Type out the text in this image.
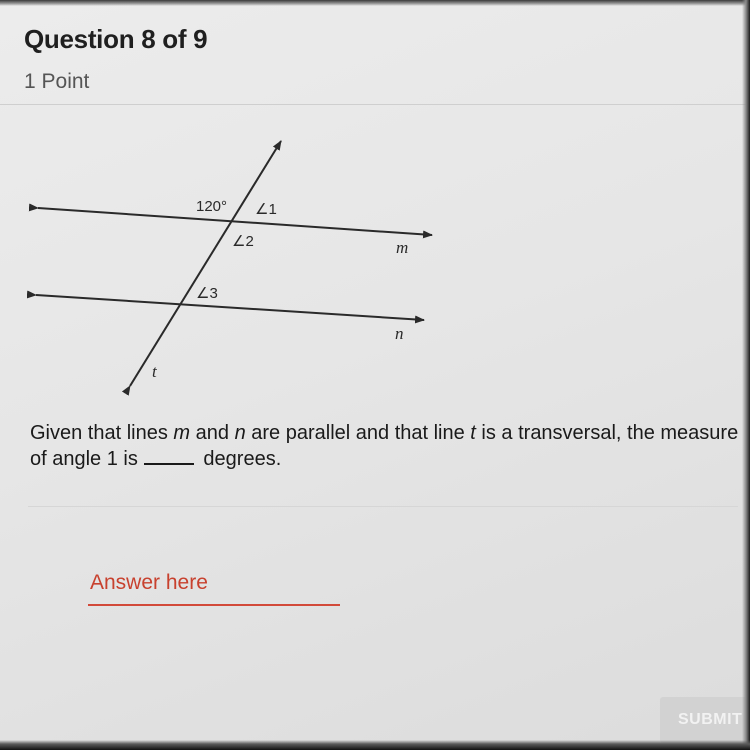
Question 8 of 9
1 Point
120° ∠1
∠2
∠3
m
n
t
Given that lines m and n are parallel and that line t is a transversal, the measure of angle 1 is	degrees.
Answer here
SUBMIT
